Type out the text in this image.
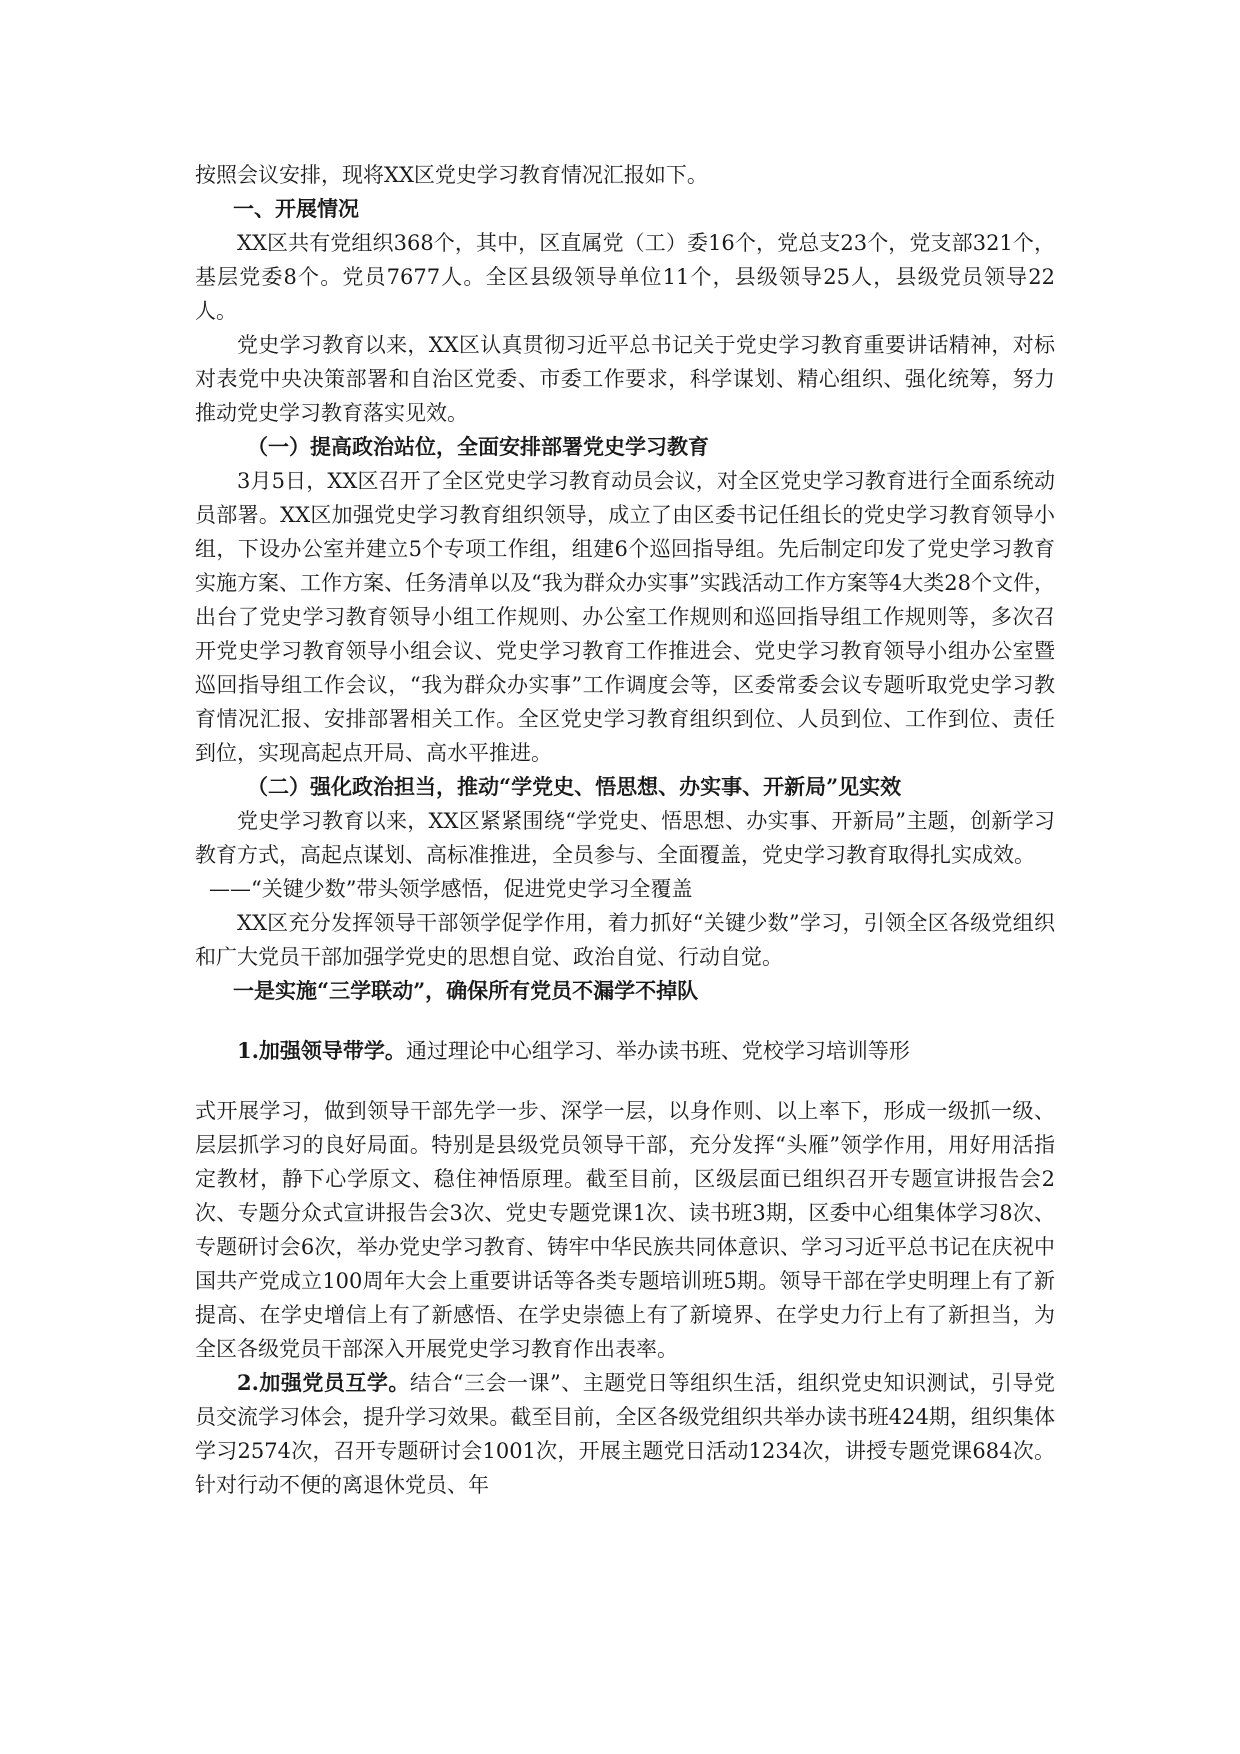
按照会议安排，现将XX区党史学习教育情况汇报如下。

一、开展情况

XX区共有党组织368个，其中，区直属党（工）委16个，党总支23个，党支部321个，基层党委8个。党员7677人。全区县级领导单位11个，县级领导25人，县级党员领导22人。

党史学习教育以来，XX区认真贯彻习近平总书记关于党史学习教育重要讲话精神，对标对表党中央决策部署和自治区党委、市委工作要求，科学谋划、精心组织、强化统筹，努力推动党史学习教育落实见效。

（一）提高政治站位，全面安排部署党史学习教育

3月5日，XX区召开了全区党史学习教育动员会议，对全区党史学习教育进行全面系统动员部署。XX区加强党史学习教育组织领导，成立了由区委书记任组长的党史学习教育领导小组，下设办公室并建立5个专项工作组，组建6个巡回指导组。先后制定印发了党史学习教育实施方案、工作方案、任务清单以及“我为群众办实事”实践活动工作方案等4大类28个文件，出台了党史学习教育领导小组工作规则、办公室工作规则和巡回指导组工作规则等，多次召开党史学习教育领导小组会议、党史学习教育工作推进会、党史学习教育领导小组办公室暨巡回指导组工作会议，“我为群众办实事”工作调度会等，区委常委会议专题听取党史学习教育情况汇报、安排部署相关工作。全区党史学习教育组织到位、人员到位、工作到位、责任到位，实现高起点开局、高水平推进。

（二）强化政治担当，推动“学党史、悟思想、办实事、开新局”见实效

党史学习教育以来，XX区紧紧围绕“学党史、悟思想、办实事、开新局”主题，创新学习教育方式，高起点谋划、高标准推进，全员参与、全面覆盖，党史学习教育取得扎实成效。

——“关键少数”带头领学感悟，促进党史学习全覆盖

XX区充分发挥领导干部领学促学作用，着力抓好“关键少数”学习，引领全区各级党组织和广大党员干部加强学党史的思想自觉、政治自觉、行动自觉。

一是实施“三学联动”，确保所有党员不漏学不掉队

1.加强领导带学。通过理论中心组学习、举办读书班、党校学习培训等形

式开展学习，做到领导干部先学一步、深学一层，以身作则、以上率下，形成一级抓一级、层层抓学习的良好局面。特别是县级党员领导干部，充分发挥“头雁”领学作用，用好用活指定教材，静下心学原文、稳住神悟原理。截至目前，区级层面已组织召开专题宣讲报告会2次、专题分众式宣讲报告会3次、党史专题党课1次、读书班3期，区委中心组集体学习8次、专题研讨会6次，举办党史学习教育、铸牢中华民族共同体意识、学习习近平总书记在庆祝中国共产党成立100周年大会上重要讲话等各类专题培训班5期。领导干部在学史明理上有了新提高、在学史增信上有了新感悟、在学史崇德上有了新境界、在学史力行上有了新担当，为全区各级党员干部深入开展党史学习教育作出表率。

2.加强党员互学。结合“三会一课”、主题党日等组织生活，组织党史知识测试，引导党员交流学习体会，提升学习效果。截至目前，全区各级党组织共举办读书班424期，组织集体学习2574次，召开专题研讨会1001次，开展主题党日活动1234次，讲授专题党课684次。针对行动不便的离退休党员、年
